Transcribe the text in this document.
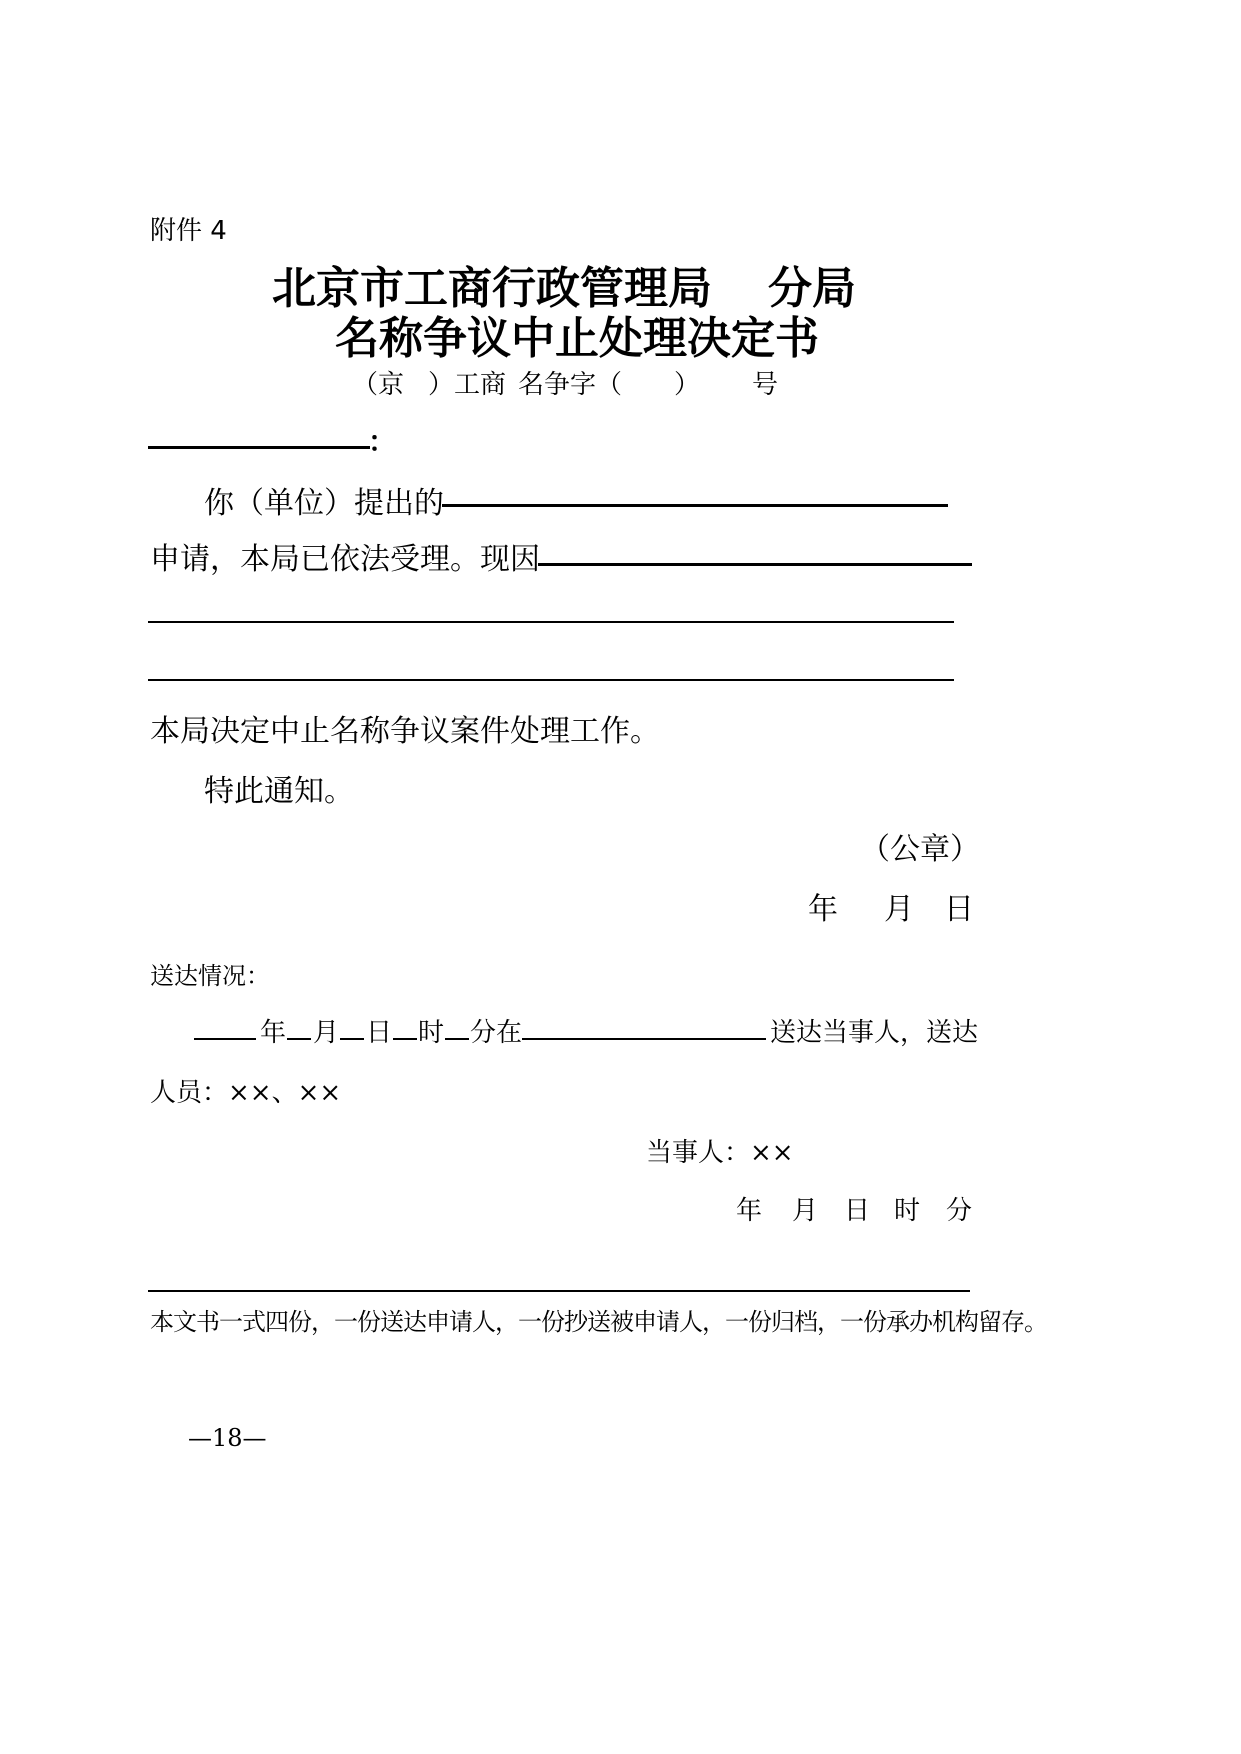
附件 4
北京市工商行政管理局 分局
名称争议中止处理决定书
（京 ）工商 名争字（ ） 号
：
你（单位）提出的
申请，本局已依法受理。现因
本局决定中止名称争议案件处理工作。
特此通知。
（公章）
年 月 日
送达情况：
年 月 日 时 分在	送达当事人，送达
人员：××、××
当事人：××
年 月 日 时 分
本文书一式四份，一份送达申请人，一份抄送被申请人，一份归档，一份承办机构留存。
—18—
